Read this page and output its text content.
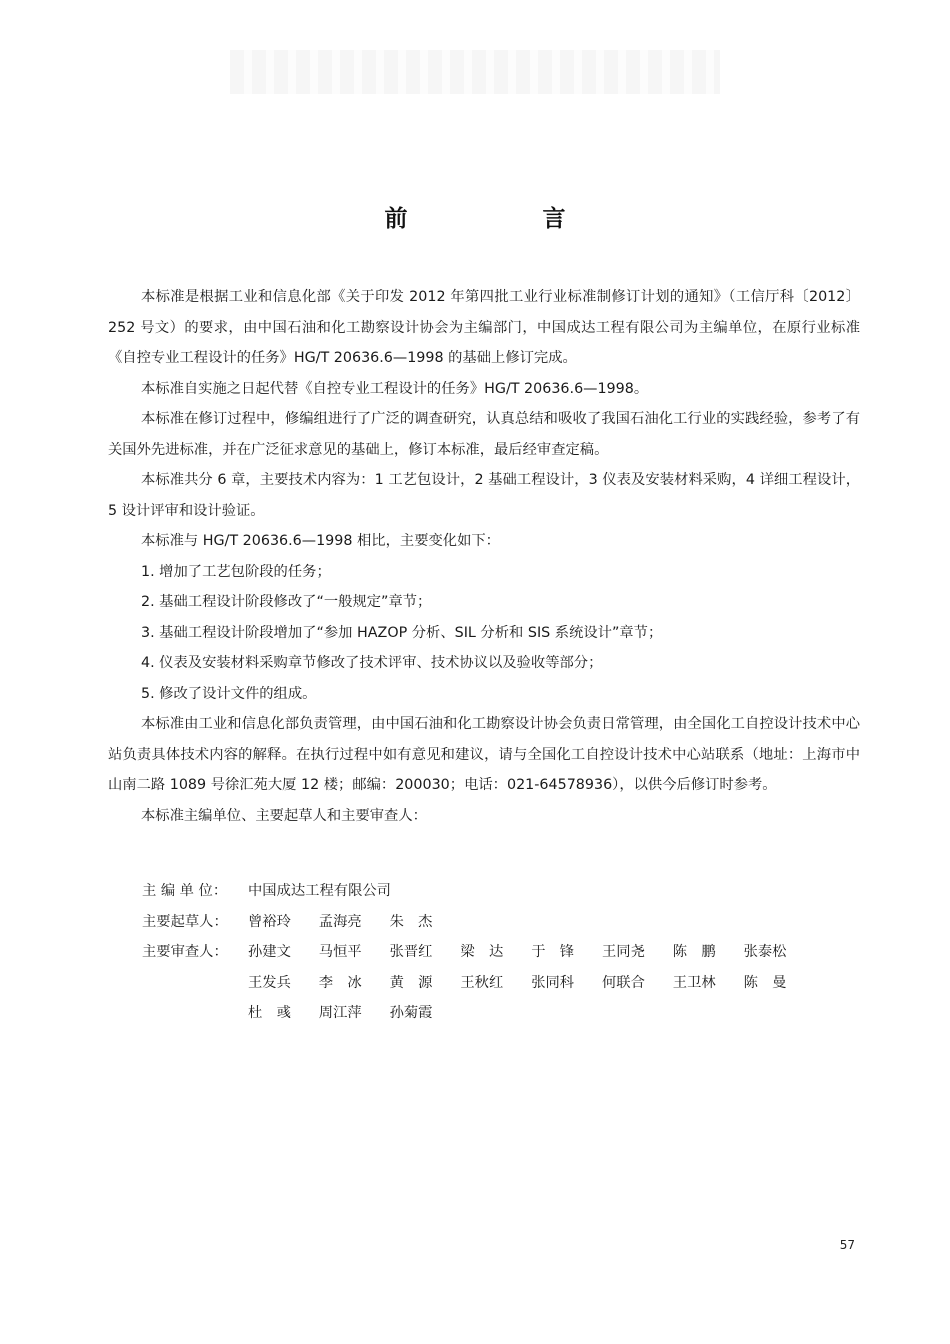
前　言

本标准是根据工业和信息化部《关于印发 2012 年第四批工业行业标准制修订计划的通知》（工信厅科〔2012〕252 号文）的要求，由中国石油和化工勘察设计协会为主编部门，中国成达工程有限公司为主编单位，在原行业标准《自控专业工程设计的任务》HG/T 20636.6—1998 的基础上修订完成。

本标准自实施之日起代替《自控专业工程设计的任务》HG/T 20636.6—1998。

本标准在修订过程中，修编组进行了广泛的调查研究，认真总结和吸收了我国石油化工行业的实践经验，参考了有关国外先进标准，并在广泛征求意见的基础上，修订本标准，最后经审查定稿。

本标准共分 6 章，主要技术内容为：1 工艺包设计，2 基础工程设计，3 仪表及安装材料采购，4 详细工程设计，5 设计评审和设计验证。

本标准与 HG/T 20636.6—1998 相比，主要变化如下：

1. 增加了工艺包阶段的任务；
2. 基础工程设计阶段修改了“一般规定”章节；
3. 基础工程设计阶段增加了“参加 HAZOP 分析、SIL 分析和 SIS 系统设计”章节；
4. 仪表及安装材料采购章节修改了技术评审、技术协议以及验收等部分；
5. 修改了设计文件的组成。

本标准由工业和信息化部负责管理，由中国石油和化工勘察设计协会负责日常管理，由全国化工自控设计技术中心站负责具体技术内容的解释。在执行过程中如有意见和建议，请与全国化工自控设计技术中心站联系（地址：上海市中山南二路 1089 号徐汇苑大厦 12 楼；邮编：200030；电话：021-64578936），以供今后修订时参考。

本标准主编单位、主要起草人和主要审查人：

主 编 单 位：	中国成达工程有限公司
主要起草人：	曾裕玲	孟海亮	朱　杰
主要审查人：	孙建文	马恒平	张晋红	梁　达	于　锋	王同尧	陈　鹏	张泰松
王发兵	李　冰	黄　源	王秋红	张同科	何联合	王卫林	陈　曼
杜　彧	周江萍	孙菊霞
57
